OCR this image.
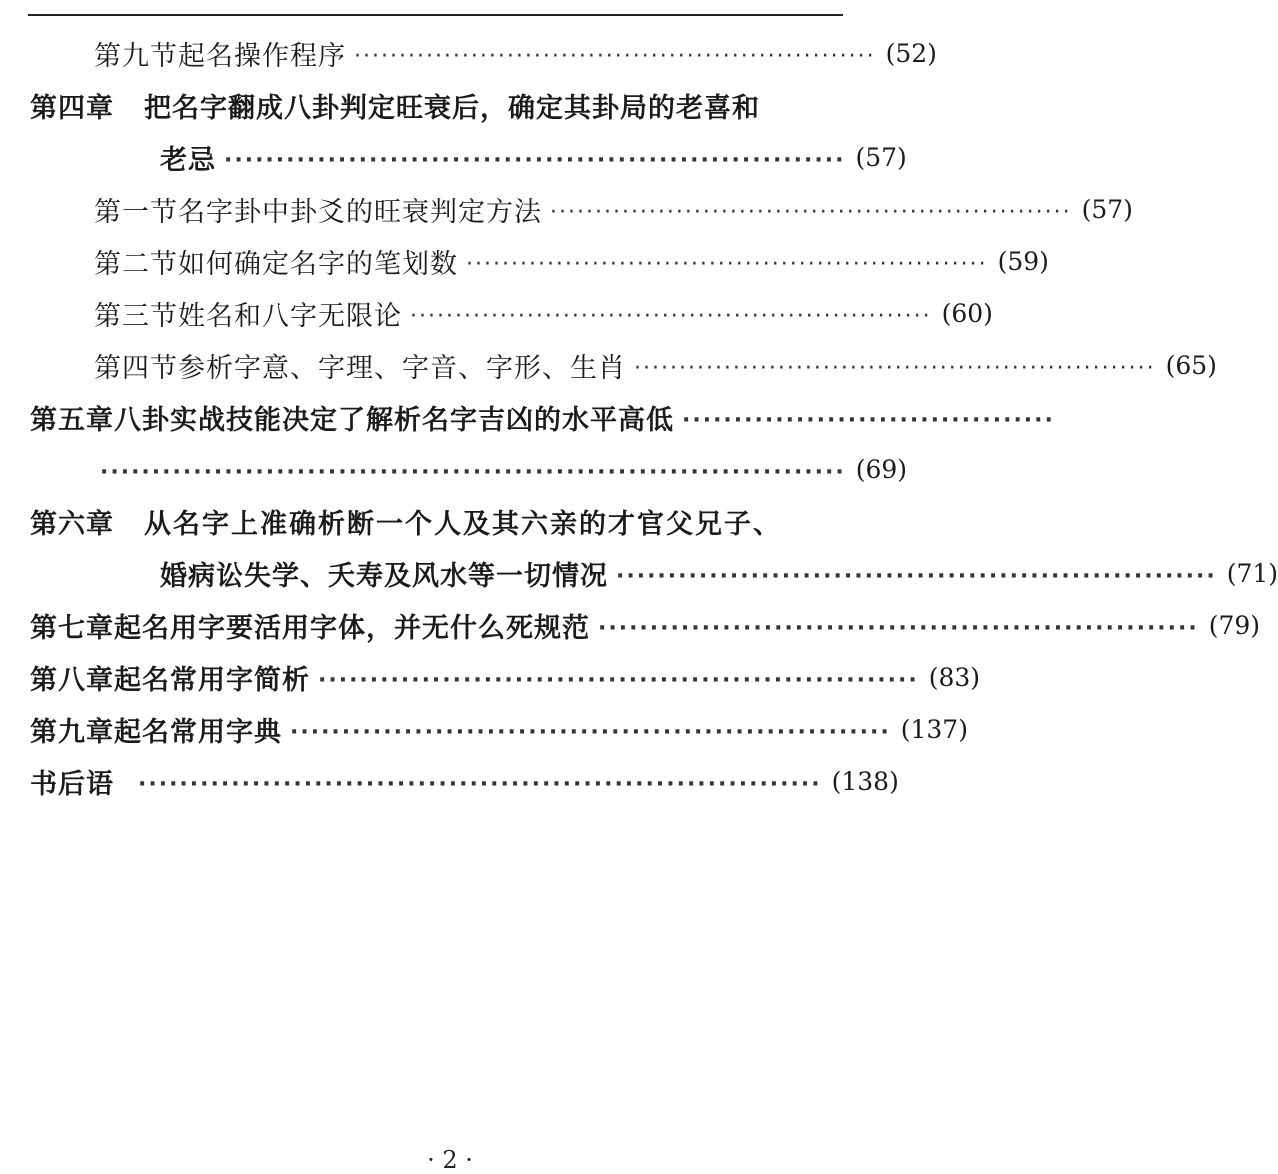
第九节 起名操作程序 ·························································· (52)
第四章 把名字翻成八卦判定旺衰后，确定其卦局的老喜和
老忌 ···························································· (57)
第一节 名字卦中卦爻的旺衰判定方法 ·························································· (57)
第二节 如何确定名字的笔划数 ·························································· (59)
第三节 姓名和八字无限论 ·························································· (60)
第四节 参析字意、字理、字音、字形、生肖 ·························································· (65)
第五章 八卦实战技能决定了解析名字吉凶的水平高低 ····································
········································································ (69)
第六章 从名字上准确析断一个人及其六亲的才官父兄子、
婚病讼失学、夭寿及风水等一切情况 ·························································· (71)
第七章 起名用字要活用字体，并无什么死规范 ·························································· (79)
第八章 起名常用字简析 ·························································· (83)
第九章 起名常用字典 ·························································· (137)
书后语 ·································································· (138)
· 2 ·
